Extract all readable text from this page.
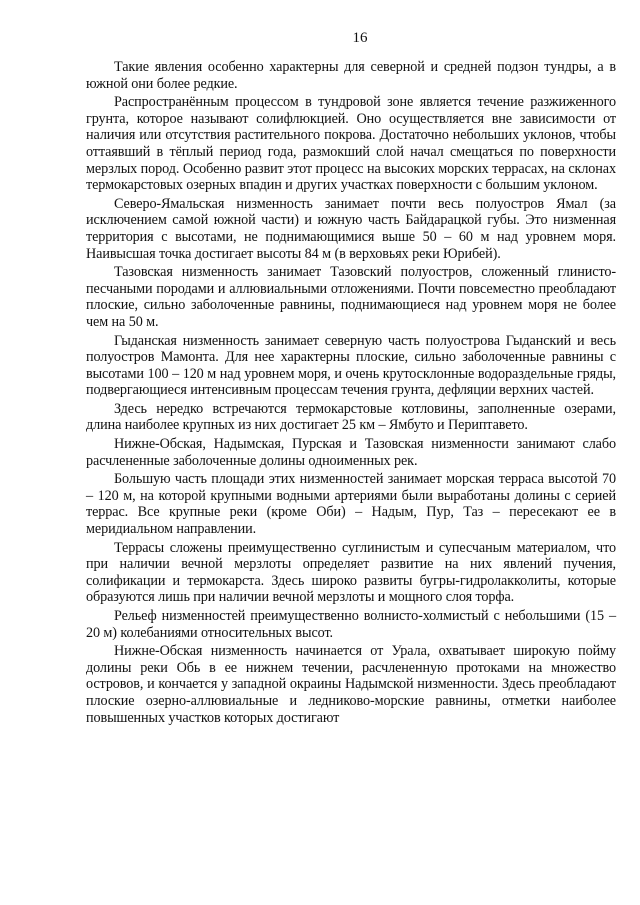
16

Такие явления особенно характерны для северной и средней подзон тундры, а в южной они более редкие.

Распространённым процессом в тундровой зоне является течение разжиженного грунта, которое называют солифлюкцией. Оно осуществляется вне зависимости от наличия или отсутствия растительного покрова. Достаточно небольших уклонов, чтобы оттаявший в тёплый период года, размокший слой начал смещаться по поверхности мерзлых пород. Особенно развит этот процесс на высоких морских террасах, на склонах термокарстовых озерных впадин и других участках поверхности с большим уклоном.

Северо-Ямальская низменность занимает почти весь полуостров Ямал (за исключением самой южной части) и южную часть Байдарацкой губы. Это низменная территория с высотами, не поднимающимися выше 50 – 60 м над уровнем моря. Наивысшая точка достигает высоты 84 м (в верховьях реки Юрибей).

Тазовская низменность занимает Тазовский полуостров, сложенный глинисто-песчаными породами и аллювиальными отложениями. Почти повсеместно преобладают плоские, сильно заболоченные равнины, поднимающиеся над уровнем моря не более чем на 50 м.

Гыданская низменность занимает северную часть полуострова Гыданский и весь полуостров Мамонта. Для нее характерны плоские, сильно заболоченные равнины с высотами 100 – 120 м над уровнем моря, и очень крутосклонные водораздельные гряды, подвергающиеся интенсивным процессам течения грунта, дефляции верхних частей.

Здесь нередко встречаются термокарстовые котловины, заполненные озерами, длина наиболее крупных из них достигает 25 км – Ямбуто и Периптавето.

Нижне-Обская, Надымская, Пурская и Тазовская низменности занимают слабо расчлененные заболоченные долины одноименных рек.

Большую часть площади этих низменностей занимает морская терраса высотой 70 – 120 м, на которой крупными водными артериями были выработаны долины с серией террас. Все крупные реки (кроме Оби) – Надым, Пур, Таз – пересекают ее в меридиальном направлении.

Террасы сложены преимущественно суглинистым и супесчаным материалом, что при наличии вечной мерзлоты определяет развитие на них явлений пучения, солификации и термокарста. Здесь широко развиты бугры-гидролакколиты, которые образуются лишь при наличии вечной мерзлоты и мощного слоя торфа.

Рельеф низменностей преимущественно волнисто-холмистый с небольшими (15 – 20 м) колебаниями относительных высот.

Нижне-Обская низменность начинается от Урала, охватывает широкую пойму долины реки Обь в ее нижнем течении, расчлененную протоками на множество островов, и кончается у западной окраины Надымской низменности. Здесь преобладают плоские озерно-аллювиальные и ледниково-морские равнины, отметки наиболее повышенных участков которых достигают
